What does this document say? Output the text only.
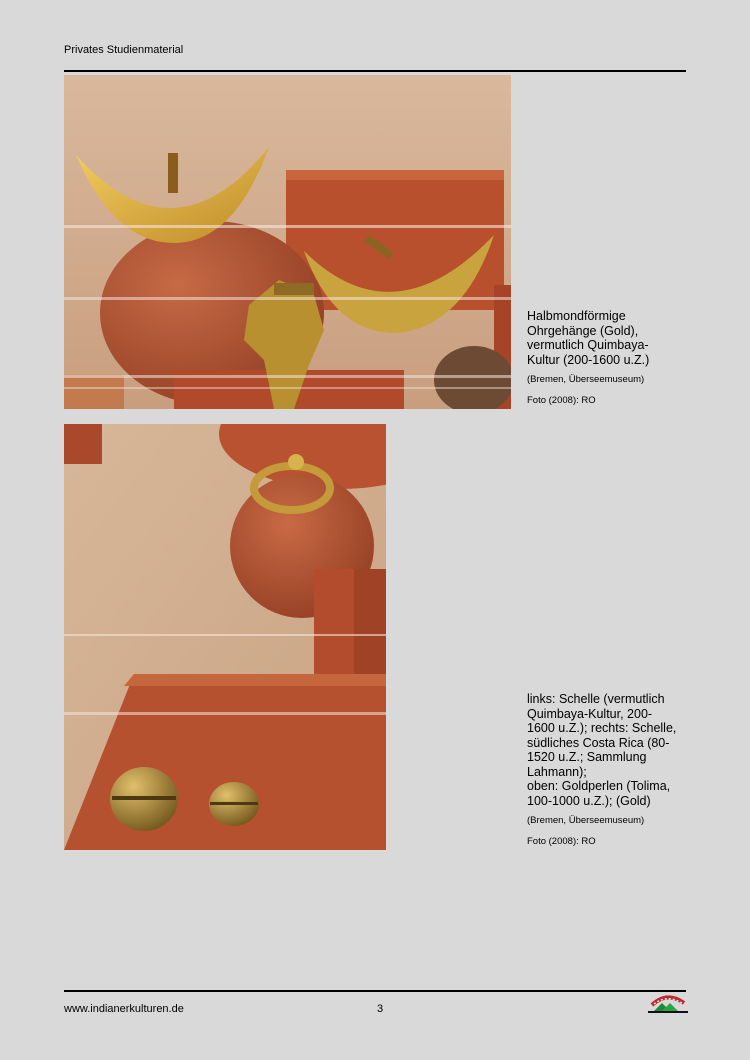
Privates Studienmaterial
Halbmondförmige
Ohrgehänge (Gold),
vermutlich Quimbaya-
Kultur (200-1600 u.Z.)
(Bremen, Überseemuseum)
Foto (2008): RO
links: Schelle (vermutlich
Quimbaya-Kultur, 200-
1600 u.Z.); rechts: Schelle,
südliches Costa Rica (80-
1520 u.Z.; Sammlung
Lahmann);
oben: Goldperlen (Tolima,
100-1000 u.Z.); (Gold)
(Bremen, Überseemuseum)
Foto (2008): RO
www.indianerkulturen.de	3
